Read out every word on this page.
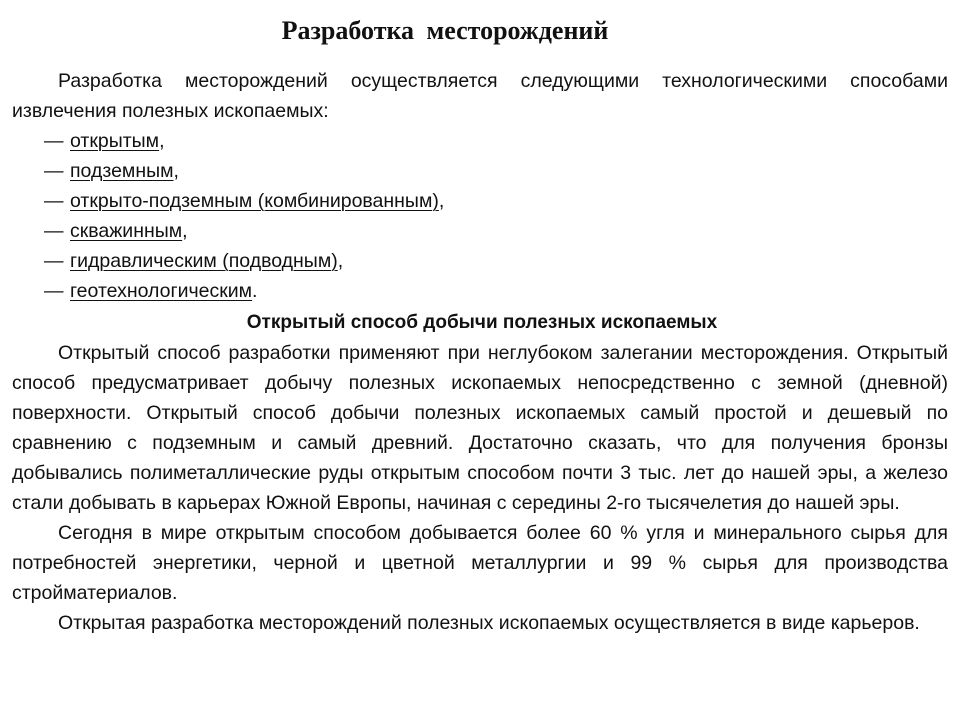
Разработка месторождений

Разработка месторождений осуществляется следующими технологическими способами извлечения полезных ископаемых:

— открытым,
— подземным,
— открыто-подземным (комбинированным),
— скважинным,
— гидравлическим (подводным),
— геотехнологическим.
Открытый способ добычи полезных ископаемых

Открытый способ разработки применяют при неглубоком залегании месторождения. Открытый способ предусматривает добычу полезных ископаемых непосредственно с земной (дневной) поверхности. Открытый способ добычи полезных ископаемых самый простой и дешевый по сравнению с подземным и самый древний. Достаточно сказать, что для получения бронзы добывались полиметаллические руды открытым способом почти 3 тыс. лет до нашей эры, а железо стали добывать в карьерах Южной Европы, начиная с середины 2-го тысячелетия до нашей эры.

Сегодня в мире открытым способом добывается более 60 % угля и минерального сырья для потребностей энергетики, черной и цветной металлургии и 99 % сырья для производства стройматериалов.

Открытая разработка месторождений полезных ископаемых осуществляется в виде карьеров.
